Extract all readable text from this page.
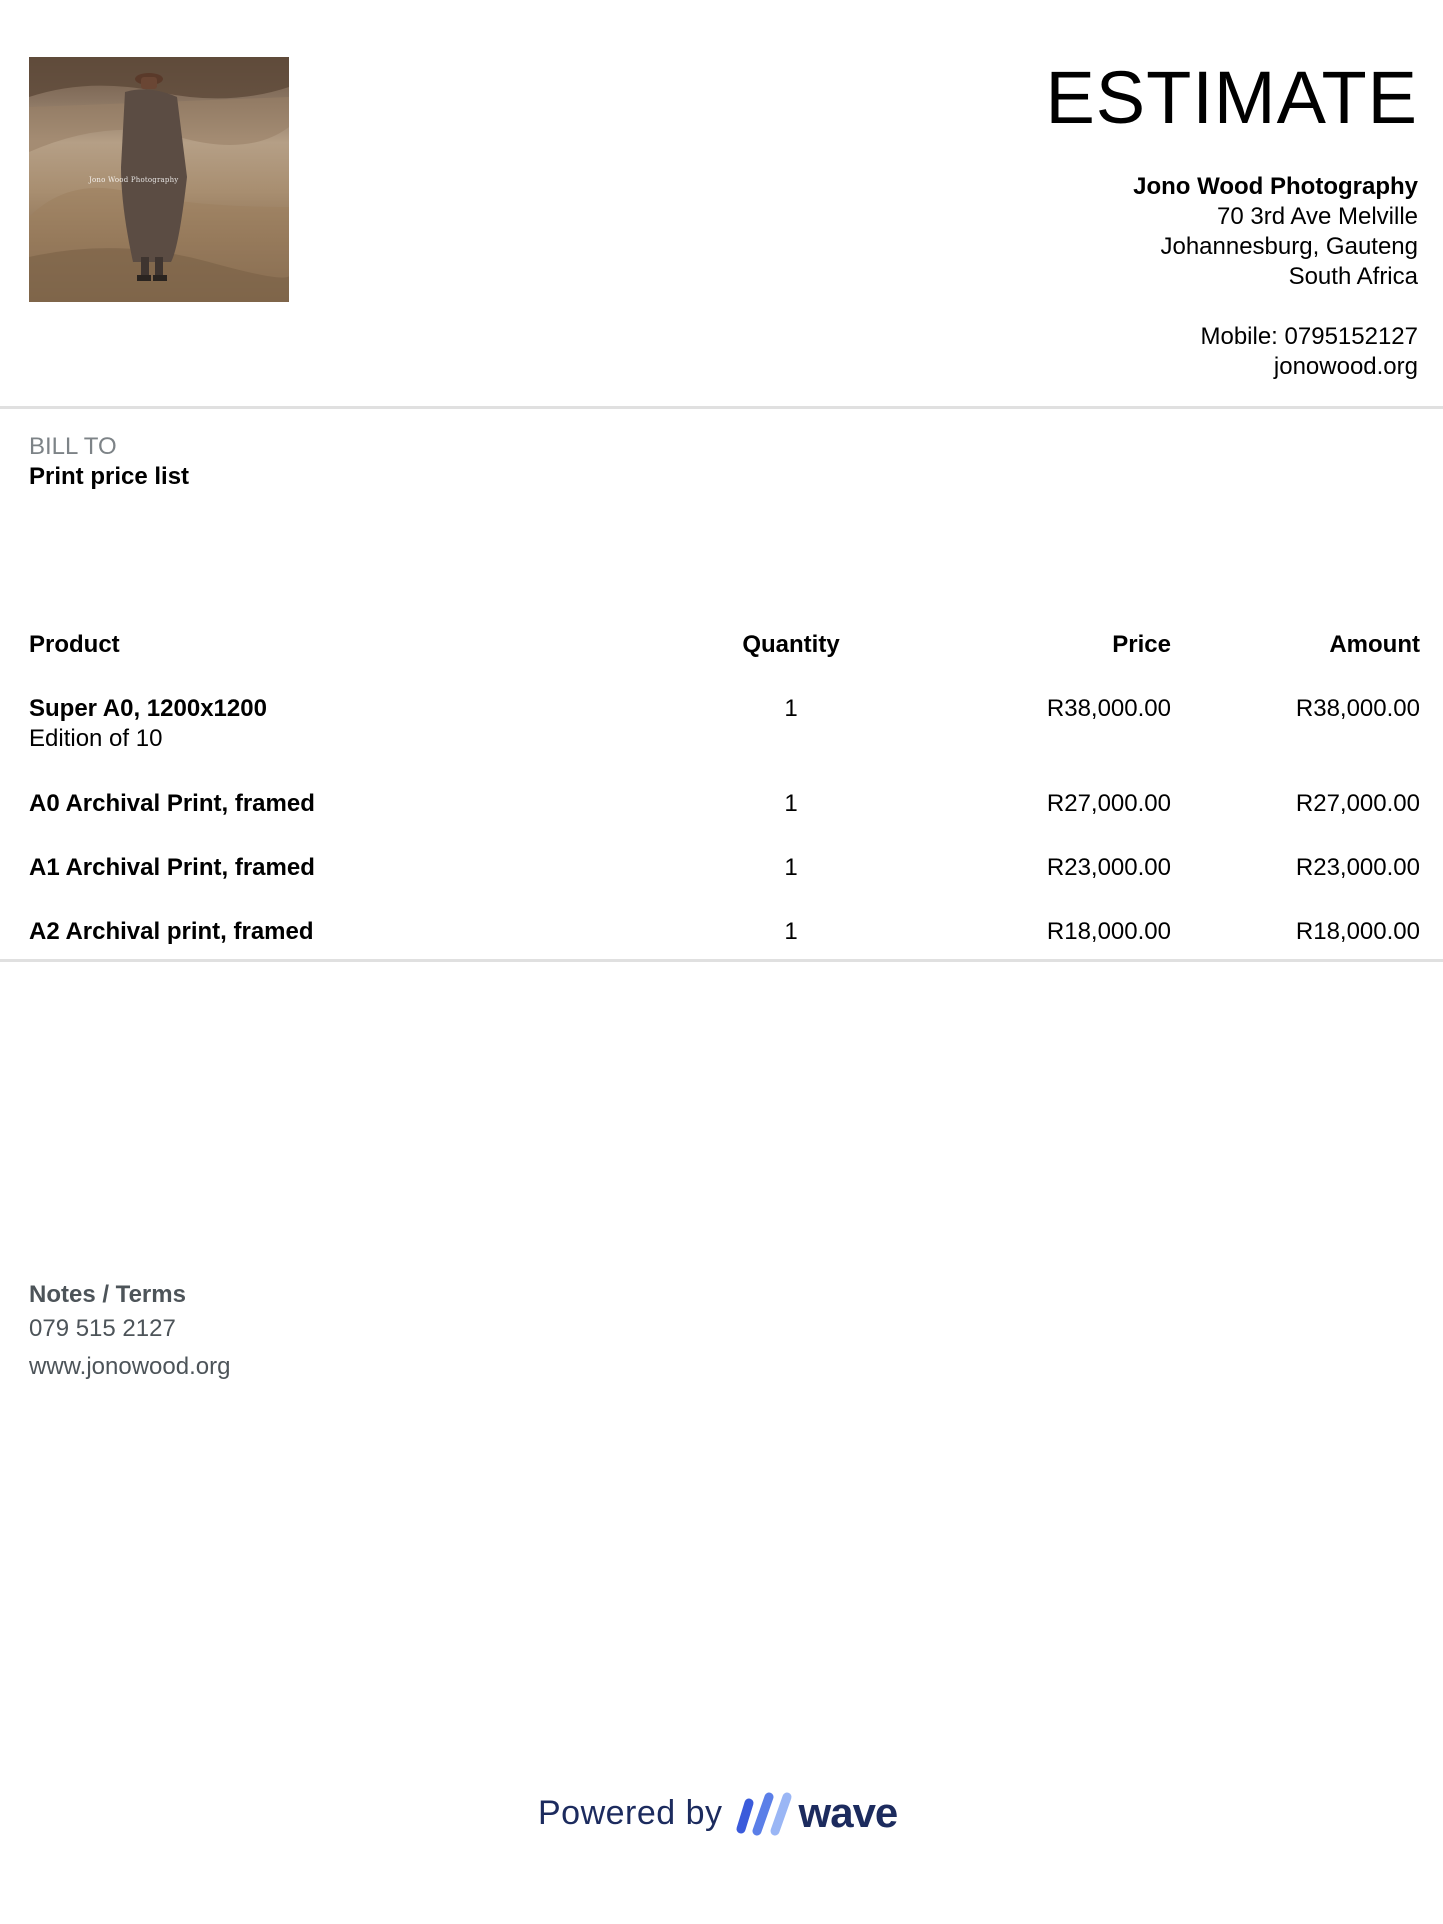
Jono Wood Photography
ESTIMATE
Jono Wood Photography
70 3rd Ave Melville
Johannesburg, Gauteng
South Africa
Mobile: 0795152127
jonowood.org
BILL TO
Print price list
Product	Quantity	Price	Amount
Super A0, 1200x1200
Edition of 10
1	R38,000.00	R38,000.00
A0 Archival Print, framed	1	R27,000.00	R27,000.00
A1 Archival Print, framed	1	R23,000.00	R23,000.00
A2 Archival print, framed	1	R18,000.00	R18,000.00
Notes / Terms
079 515 2127
www.jonowood.org
Powered by wave
